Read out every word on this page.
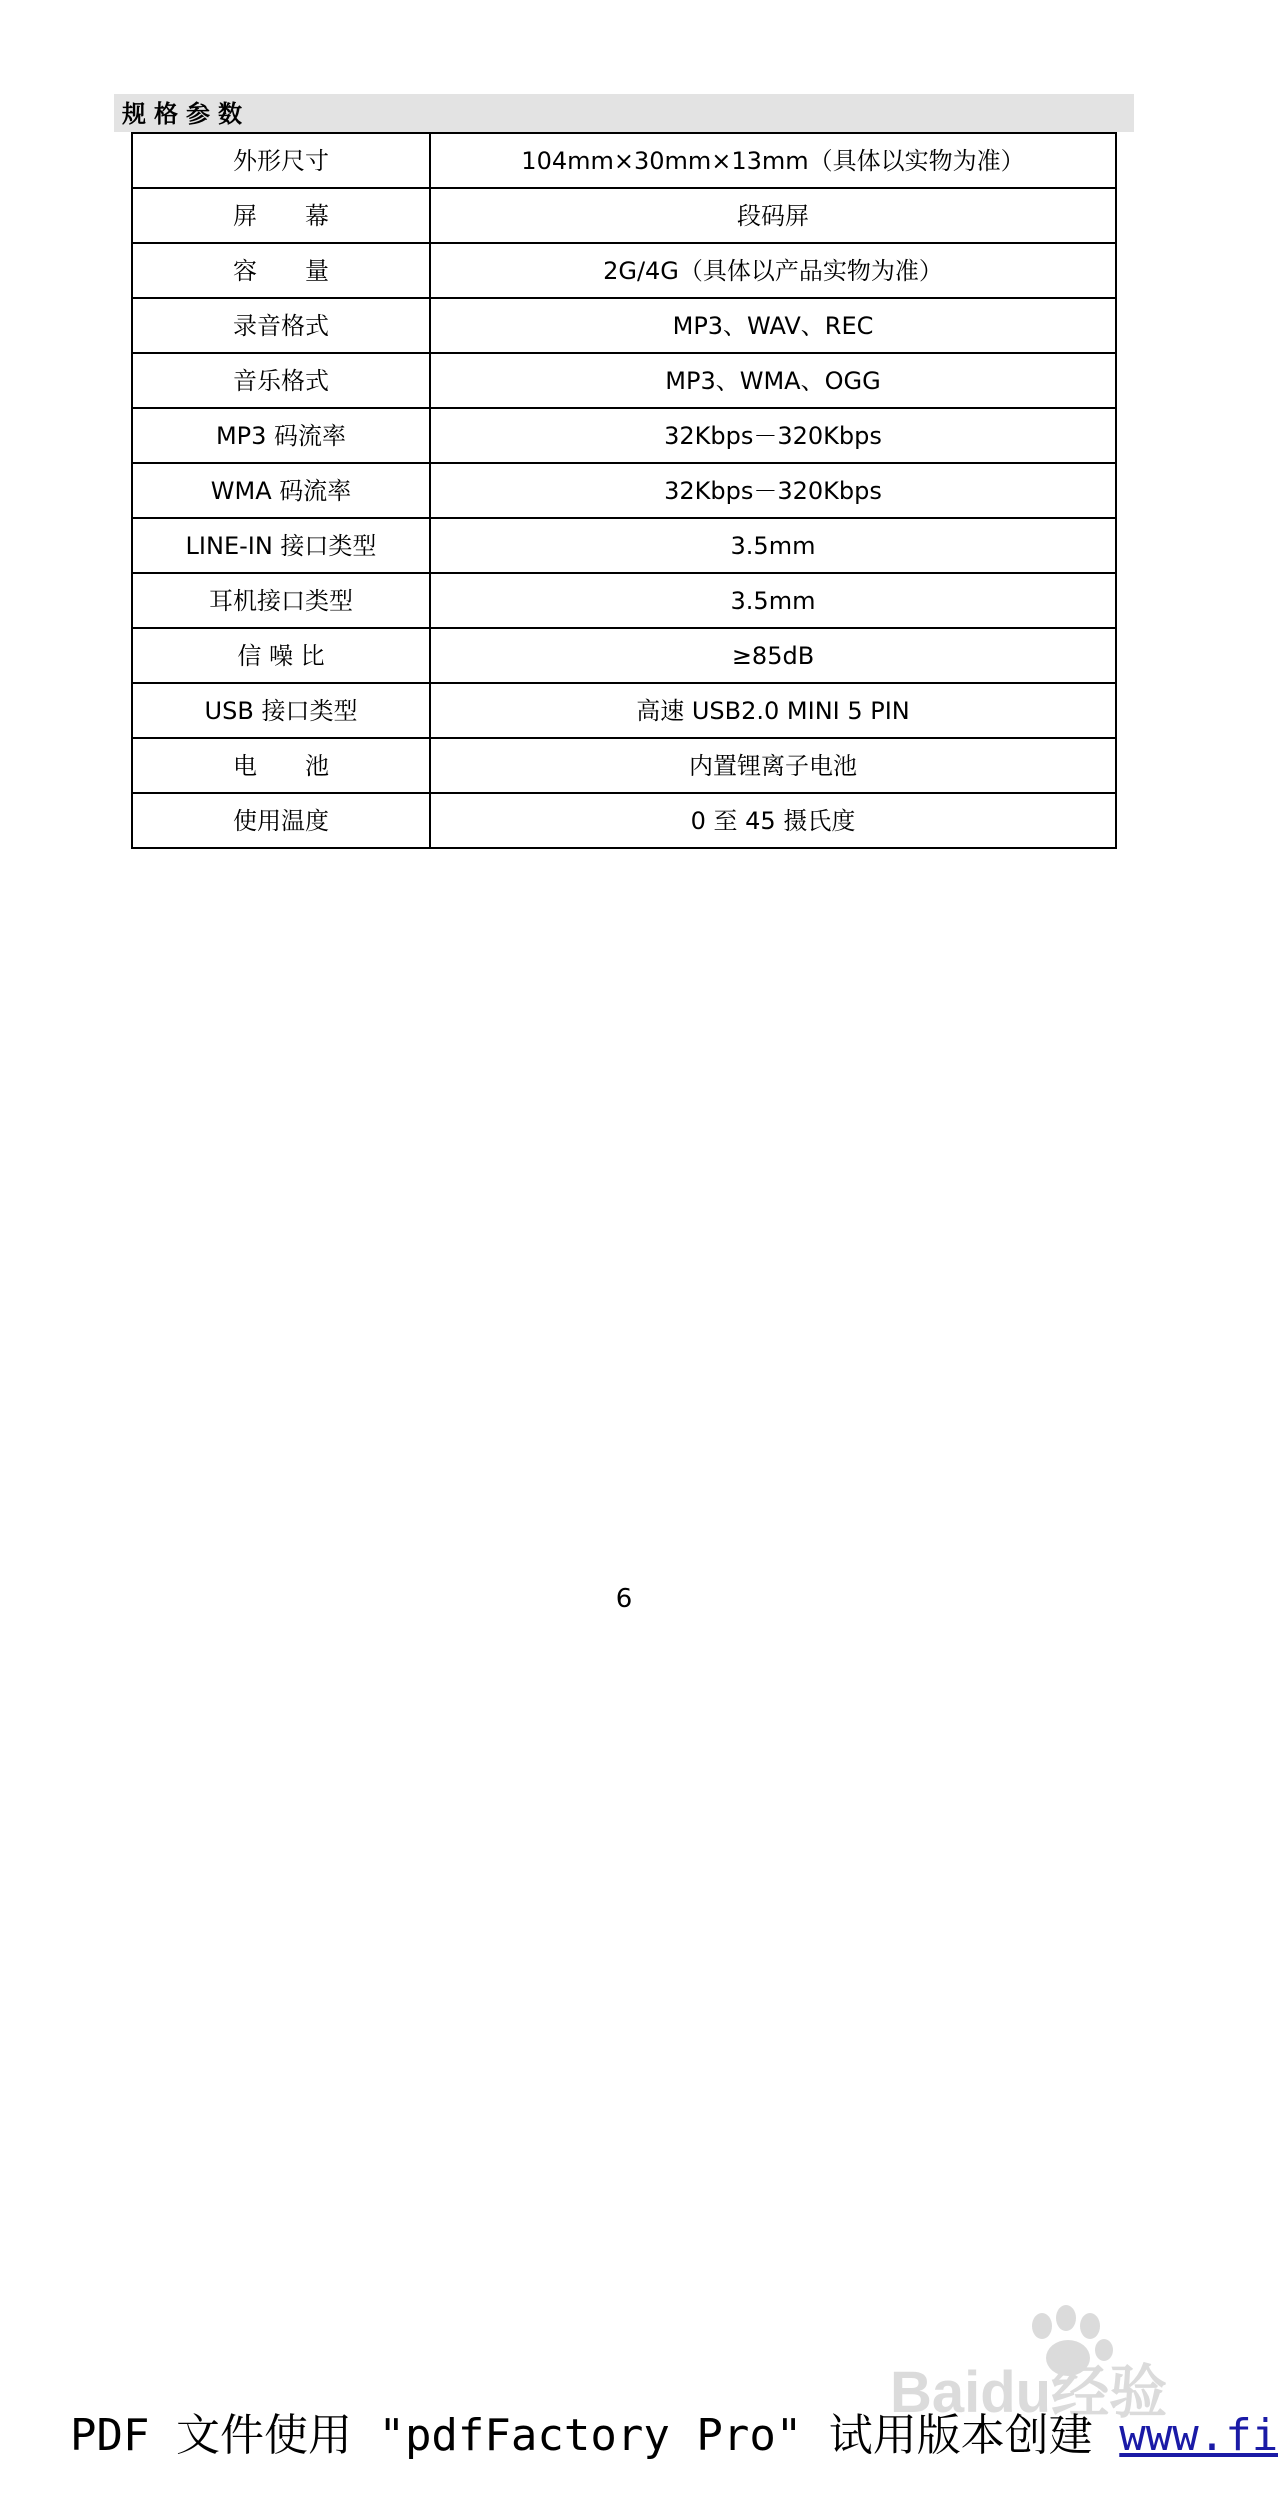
规格参数
外形尺寸	104mm×30mm×13mm（具体以实物为准）
屏　　幕	段码屏
容　　量	2G/4G（具体以产品实物为准）
录音格式	MP3、WAV、REC
音乐格式	MP3、WMA、OGG
MP3 码流率	32Kbps－320Kbps
WMA 码流率	32Kbps－320Kbps
LINE-IN 接口类型	3.5mm
耳机接口类型	3.5mm
信 噪 比	≥85dB
USB 接口类型	高速 USB2.0 MINI 5 PIN
电　　池	内置锂离子电池
使用温度	0 至 45 摄氏度
6
Baidu经验
PDF 文件使用 "pdfFactory Pro" 试用版本创建 www.fi
